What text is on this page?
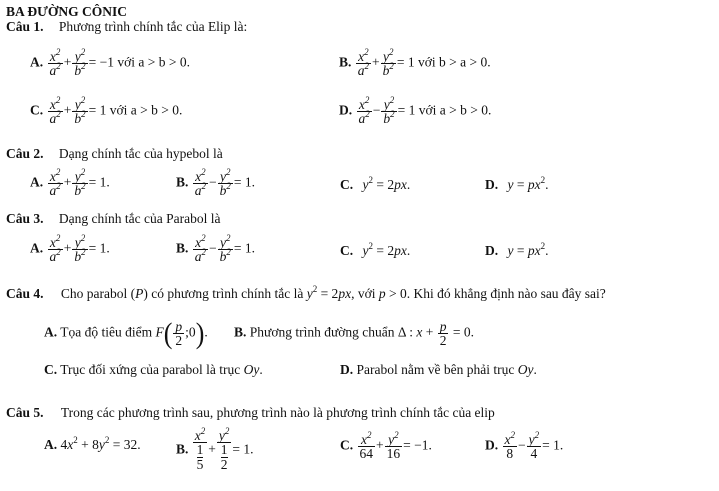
BA ĐƯỜNG CÔNIC
Câu 1. Phương trình chính tắc của Elip là:
A. $\frac{x^2}{a^2} + \frac{y^2}{b^2} = -1$ với a > b > 0.	B. $\frac{x^2}{a^2} + \frac{y^2}{b^2} = 1$ với b > a > 0.
C. $\frac{x^2}{a^2} + \frac{y^2}{b^2} = 1$ với a > b > 0.	D. $\frac{x^2}{a^2} - \frac{y^2}{b^2} = 1$ với a > b > 0.
Câu 2. Dạng chính tắc của hypebol là
A. $\frac{x^2}{a^2} + \frac{y^2}{b^2} = 1$.	B. $\frac{x^2}{a^2} - \frac{y^2}{b^2} = 1$.	C. $y^2 = 2px$.	D. $y = px^2$.
Câu 3. Dạng chính tắc của Parabol là
A. $\frac{x^2}{a^2} + \frac{y^2}{b^2} = 1$.	B. $\frac{x^2}{a^2} - \frac{y^2}{b^2} = 1$.	C. $y^2 = 2px$.	D. $y = px^2$.
Câu 4. Cho parabol (P) có phương trình chính tắc là $y^2 = 2px$, với p > 0. Khi đó khẳng định nào sau đây sai?
A. Tọa độ tiêu điểm $F( \frac{p}{2}$ ;0). B. Phương trình đường chuẩn Δ : $x + \frac{p}{2} = 0$.
C. Trục đối xứng của parabol là trục Oy.	D. Parabol nằm về bên phải trục Oy.
Câu 5. Trong các phương trình sau, phương trình nào là phương trình chính tắc của elip
A. $4x^2 + 8y^2 = 32$.	B. $\frac{x^2}{\frac{1}{5}} + \frac{y^2}{\frac{1}{2}} = 1$.	C. $\frac{x^2}{64} + \frac{y^2}{16} = -1$.	D. $\frac{x^2}{8} - \frac{y^2}{4} = 1$.
